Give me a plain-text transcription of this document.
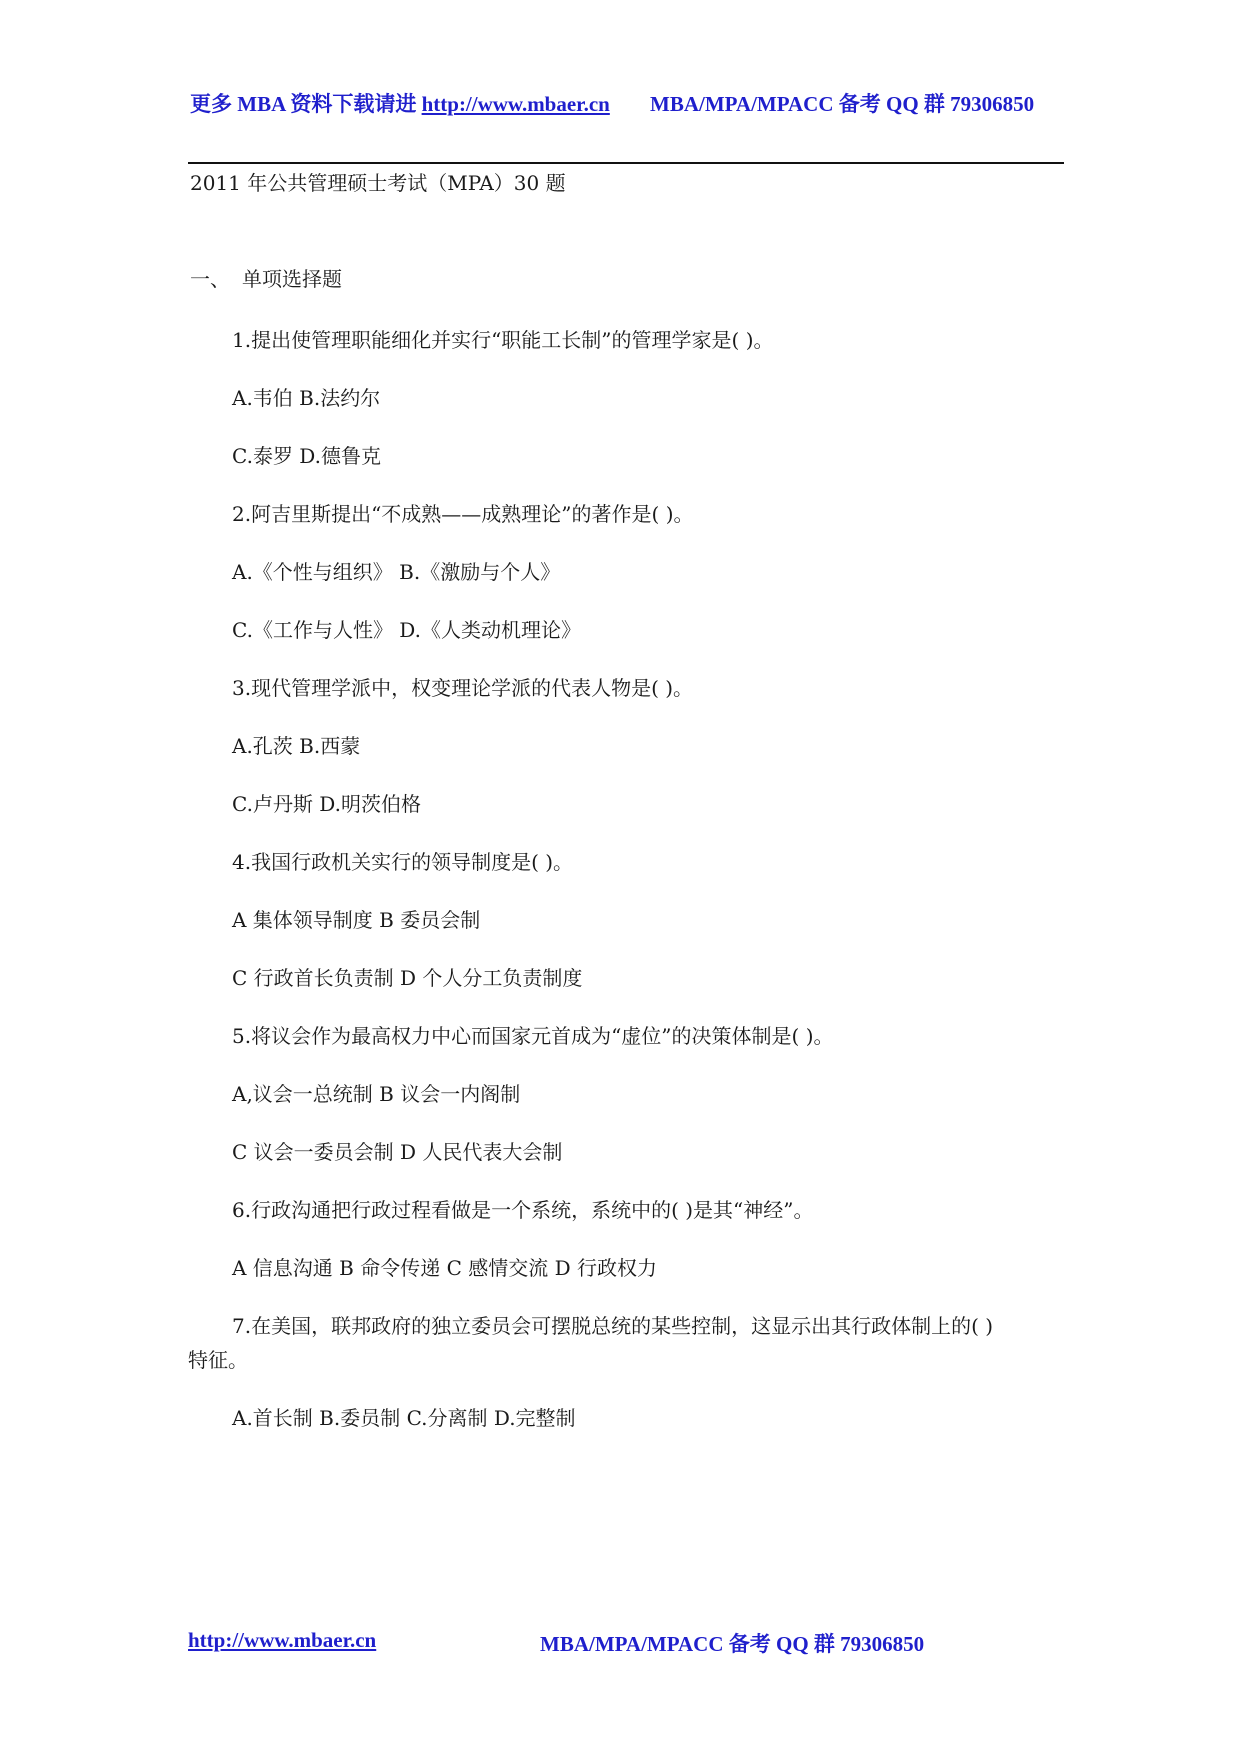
更多 MBA 资料下载请进 http://www.mbaer.cn MBA/MPA/MPACC 备考 QQ 群 79306850
2011 年公共管理硕士考试（MPA）30 题
一、 单项选择题
1.提出使管理职能细化并实行“职能工长制”的管理学家是( )。
A.韦伯 B.法约尔
C.泰罗 D.德鲁克
2.阿吉里斯提出“不成熟——成熟理论”的著作是( )。
A.《个性与组织》 B.《激励与个人》
C.《工作与人性》 D.《人类动机理论》
3.现代管理学派中，权变理论学派的代表人物是( )。
A.孔茨 B.西蒙
C.卢丹斯 D.明茨伯格
4.我国行政机关实行的领导制度是( )。
A 集体领导制度 B 委员会制
C 行政首长负责制 D 个人分工负责制度
5.将议会作为最高权力中心而国家元首成为“虚位”的决策体制是( )。
A,议会一总统制 B 议会一内阁制
C 议会一委员会制 D 人民代表大会制
6.行政沟通把行政过程看做是一个系统，系统中的( )是其“神经”。
A 信息沟通 B 命令传递 C 感情交流 D 行政权力
7.在美国，联邦政府的独立委员会可摆脱总统的某些控制，这显示出其行政体制上的( )
特征。
A.首长制 B.委员制 C.分离制 D.完整制
http://www.mbaer.cn	MBA/MPA/MPACC 备考 QQ 群 79306850
